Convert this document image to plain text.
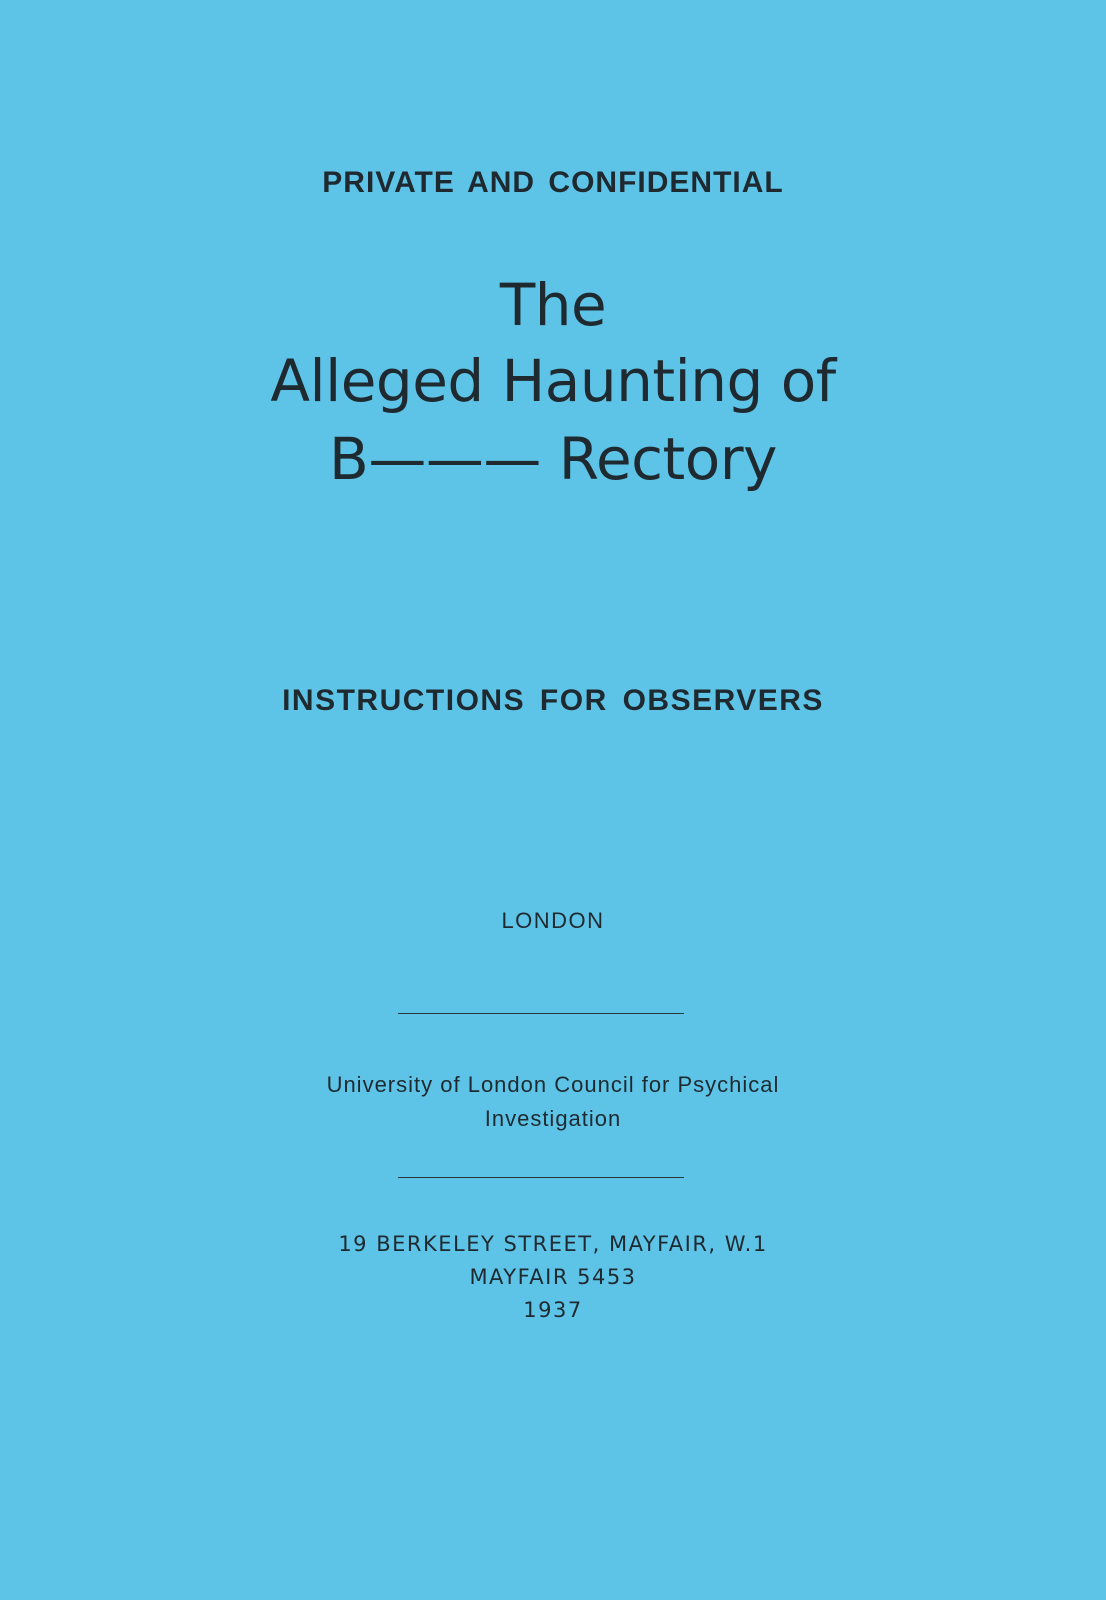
PRIVATE AND CONFIDENTIAL
The
Alleged Haunting of
B——— Rectory
INSTRUCTIONS FOR OBSERVERS
LONDON
University of London Council for Psychical
Investigation
19 BERKELEY STREET, MAYFAIR, W.1
MAYFAIR 5453
1937
